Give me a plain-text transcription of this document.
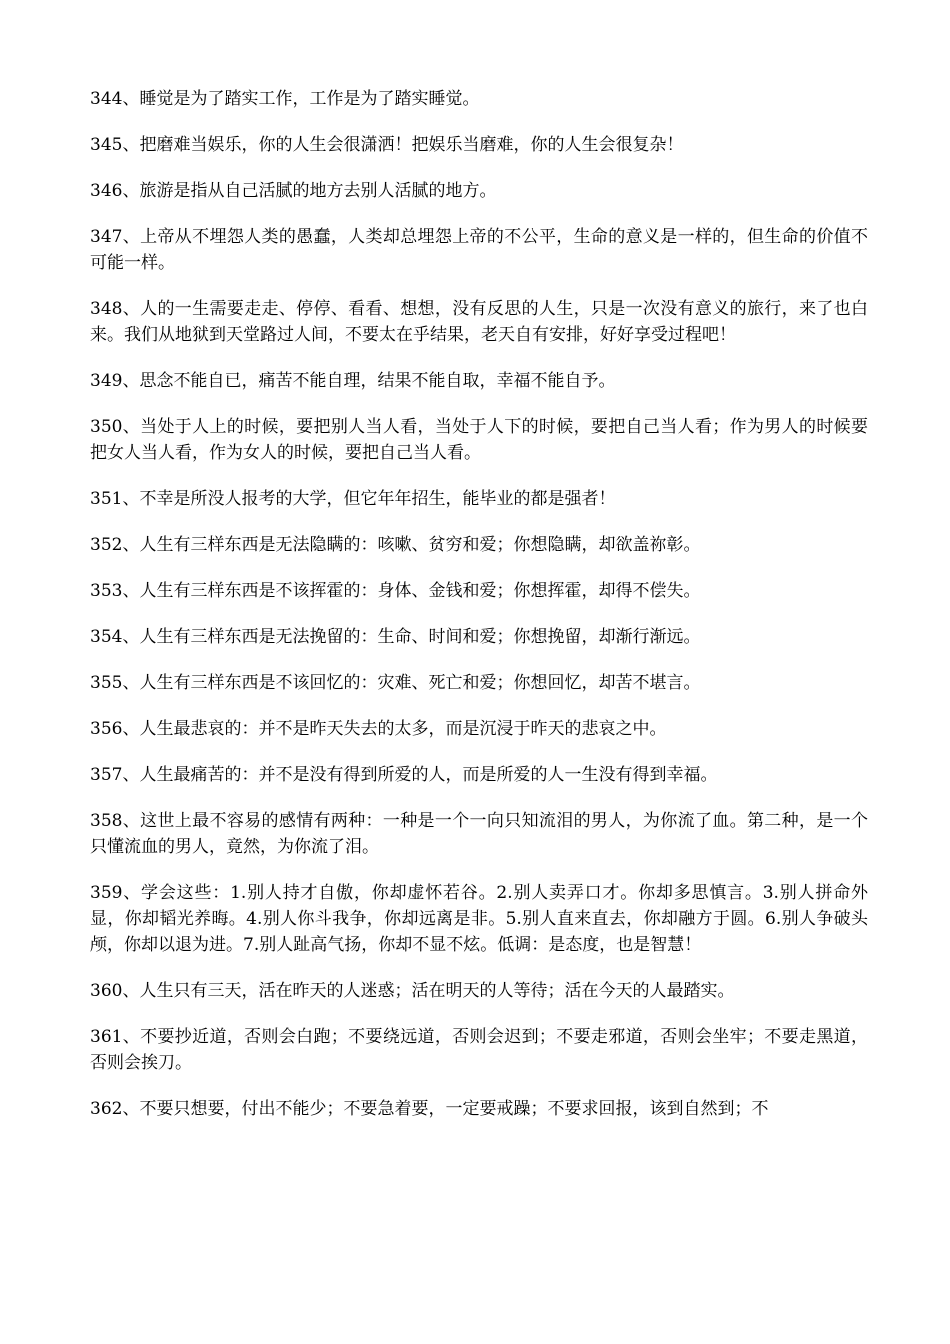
344、睡觉是为了踏实工作，工作是为了踏实睡觉。

345、把磨难当娱乐，你的人生会很潇洒！把娱乐当磨难，你的人生会很复杂！

346、旅游是指从自己活腻的地方去别人活腻的地方。

347、上帝从不埋怨人类的愚蠢，人类却总埋怨上帝的不公平，生命的意义是一样的，但生命的价值不可能一样。

348、人的一生需要走走、停停、看看、想想，没有反思的人生，只是一次没有意义的旅行，来了也白来。我们从地狱到天堂路过人间，不要太在乎结果，老天自有安排，好好享受过程吧！

349、思念不能自已，痛苦不能自理，结果不能自取，幸福不能自予。

350、当处于人上的时候，要把别人当人看，当处于人下的时候，要把自己当人看；作为男人的时候要把女人当人看，作为女人的时候，要把自己当人看。

351、不幸是所没人报考的大学，但它年年招生，能毕业的都是强者！

352、人生有三样东西是无法隐瞒的：咳嗽、贫穷和爱；你想隐瞒，却欲盖祢彰。

353、人生有三样东西是不该挥霍的：身体、金钱和爱；你想挥霍，却得不偿失。

354、人生有三样东西是无法挽留的：生命、时间和爱；你想挽留，却渐行渐远。

355、人生有三样东西是不该回忆的：灾难、死亡和爱；你想回忆，却苦不堪言。

356、人生最悲哀的：并不是昨天失去的太多，而是沉浸于昨天的悲哀之中。

357、人生最痛苦的：并不是没有得到所爱的人，而是所爱的人一生没有得到幸福。

358、这世上最不容易的感情有两种：一种是一个一向只知流泪的男人，为你流了血。第二种，是一个只懂流血的男人，竟然，为你流了泪。

359、学会这些：1.别人持才自傲，你却虚怀若谷。2.别人卖弄口才。你却多思慎言。3.别人拼命外显，你却韬光养晦。4.别人你斗我争，你却远离是非。5.别人直来直去，你却融方于圆。6.别人争破头颅，你却以退为进。7.别人趾高气扬，你却不显不炫。低调：是态度，也是智慧！

360、人生只有三天，活在昨天的人迷惑；活在明天的人等待；活在今天的人最踏实。

361、不要抄近道，否则会白跑；不要绕远道，否则会迟到；不要走邪道，否则会坐牢；不要走黑道，否则会挨刀。

362、不要只想要，付出不能少；不要急着要，一定要戒躁；不要求回报，该到自然到；不
